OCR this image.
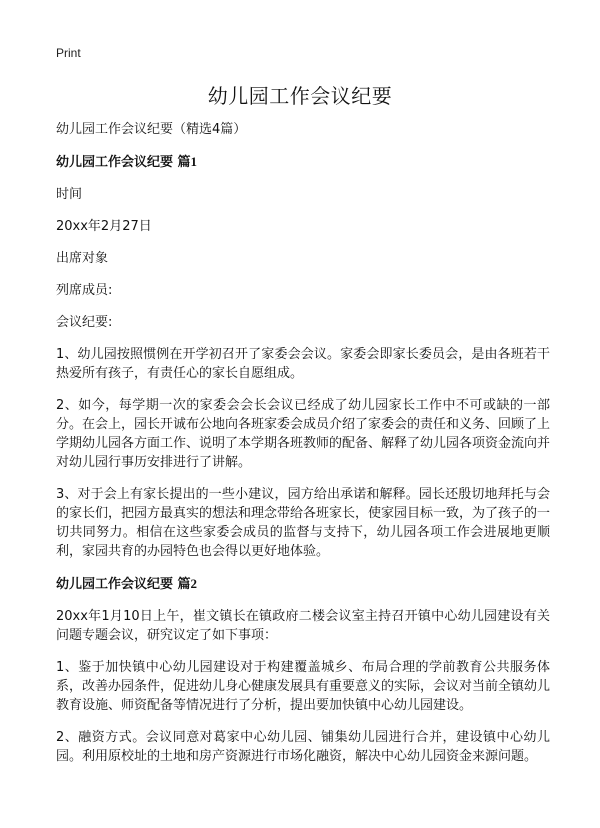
Print
幼儿园工作会议纪要

幼儿园工作会议纪要（精选4篇）

幼儿园工作会议纪要 篇1

时间

20xx年2月27日

出席对象

列席成员:

会议纪要:

1、幼儿园按照惯例在开学初召开了家委会会议。家委会即家长委员会，是由各班若干热爱所有孩子，有责任心的家长自愿组成。

2、如今，每学期一次的家委会会长会议已经成了幼儿园家长工作中不可或缺的一部分。在会上，园长开诚布公地向各班家委会成员介绍了家委会的责任和义务、回顾了上学期幼儿园各方面工作、说明了本学期各班教师的配备、解释了幼儿园各项资金流向并对幼儿园行事历安排进行了讲解。

3、对于会上有家长提出的一些小建议，园方给出承诺和解释。园长还殷切地拜托与会的家长们，把园方最真实的想法和理念带给各班家长，使家园目标一致，为了孩子的一切共同努力。相信在这些家委会成员的监督与支持下，幼儿园各项工作会进展地更顺利，家园共育的办园特色也会得以更好地体验。

幼儿园工作会议纪要 篇2

20xx年1月10日上午，崔文镇长在镇政府二楼会议室主持召开镇中心幼儿园建设有关问题专题会议，研究议定了如下事项：

1、鉴于加快镇中心幼儿园建设对于构建覆盖城乡、布局合理的学前教育公共服务体系，改善办园条件，促进幼儿身心健康发展具有重要意义的实际，会议对当前全镇幼儿教育设施、师资配备等情况进行了分析，提出要加快镇中心幼儿园建设。

2、融资方式。会议同意对葛家中心幼儿园、铺集幼儿园进行合并，建设镇中心幼儿园。利用原校址的土地和房产资源进行市场化融资，解决中心幼儿园资金来源问题。
